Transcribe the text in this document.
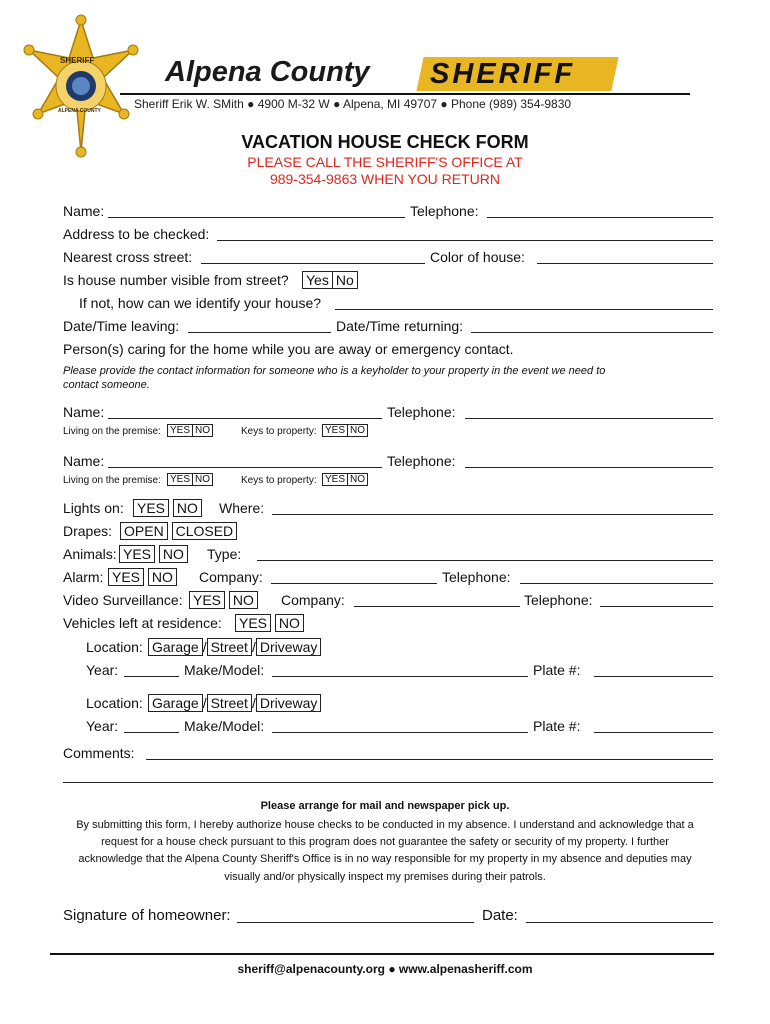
SHERIFF
ALPENA COUNTY
Alpena County SHERIFF
Sheriff Erik W. SMith ● 4900 M-32 W ● Alpena, MI 49707 ● Phone (989) 354-9830
VACATION HOUSE CHECK FORM
PLEASE CALL THE SHERIFF'S OFFICE AT
989-354-9863 WHEN YOU RETURN
Name:	Telephone:
Address to be checked:
Nearest cross street:	Color of house:
Is house number visible from street? Yes No
If not, how can we identify your house?
Date/Time leaving:	Date/Time returning:
Person(s) caring for the home while you are away or emergency contact.
Please provide the contact information for someone who is a keyholder to your property in the event we need to
contact someone.
Name:	Telephone:
Living on the premise: YES NO	Keys to property: YES NO
Name:	Telephone:
Living on the premise: YES NO	Keys to property: YES NO
Lights on: YES NO Where:
Drapes: OPEN CLOSED
Animals: YES NO Type:
Alarm: YES NO Company:	Telephone:
Video Surveillance: YES NO Company:	Telephone:
Vehicles left at residence: YES NO
Location: Garage / Street / Driveway
Year:	Make/Model:	Plate #:
Location: Garage / Street / Driveway
Year:	Make/Model:	Plate #:
Comments:
Please arrange for mail and newspaper pick up.
By submitting this form, I hereby authorize house checks to be conducted in my absence. I understand and acknowledge that a
request for a house check pursuant to this program does not guarantee the safety or security of my property. I further
acknowledge that the Alpena County Sheriff's Office is in no way responsible for my property in my absence and deputies may
visually and/or physically inspect my premises during their patrols.
Signature of homeowner:	Date:
sheriff@alpenacounty.org ● www.alpenasheriff.com
